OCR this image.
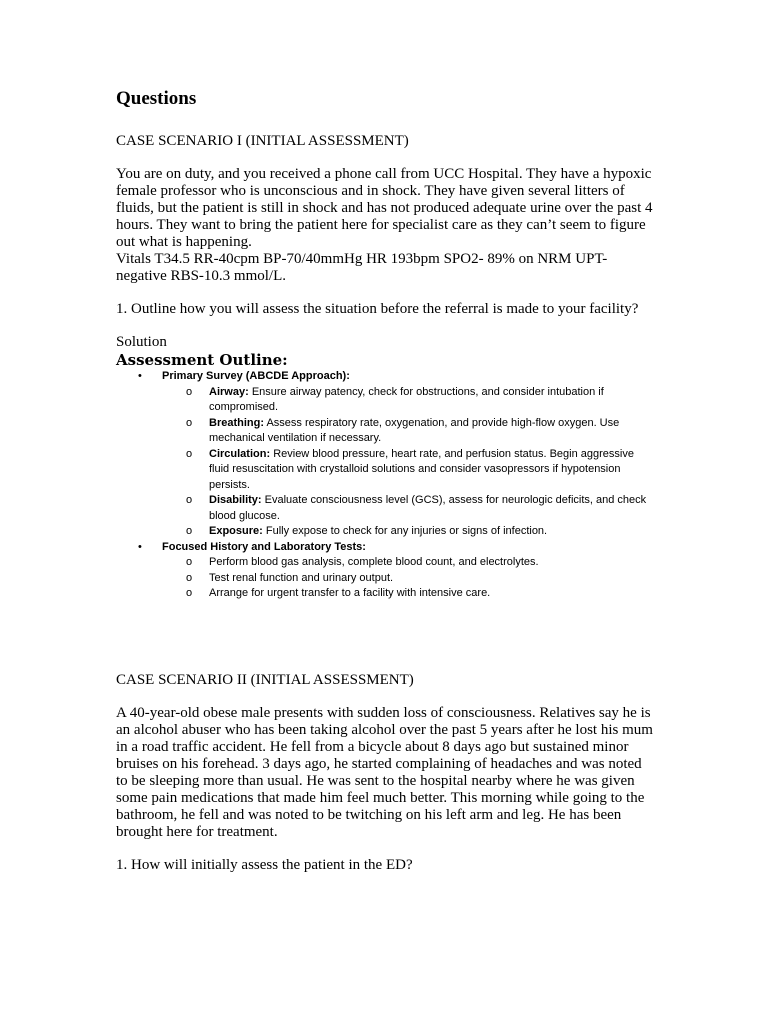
Questions

CASE SCENARIO I (INITIAL ASSESSMENT)

You are on duty, and you received a phone call from UCC Hospital. They have a hypoxic female professor who is unconscious and in shock. They have given several litters of fluids, but the patient is still in shock and has not produced adequate urine over the past 4 hours. They want to bring the patient here for specialist care as they can’t seem to figure out what is happening.

Vitals T34.5 RR-40cpm BP-70/40mmHg HR 193bpm SPO2- 89% on NRM UPT-negative RBS-10.3 mmol/L.

1. Outline how you will assess the situation before the referral is made to your facility?

Solution

Assessment Outline:
• Primary Survey (ABCDE Approach):
o Airway: Ensure airway patency, check for obstructions, and consider intubation if compromised.
o Breathing: Assess respiratory rate, oxygenation, and provide high-flow oxygen. Use mechanical ventilation if necessary.
o Circulation: Review blood pressure, heart rate, and perfusion status. Begin aggressive fluid resuscitation with crystalloid solutions and consider vasopressors if hypotension persists.
o Disability: Evaluate consciousness level (GCS), assess for neurologic deficits, and check blood glucose.
o Exposure: Fully expose to check for any injuries or signs of infection.
• Focused History and Laboratory Tests:
o Perform blood gas analysis, complete blood count, and electrolytes.
o Test renal function and urinary output.
o Arrange for urgent transfer to a facility with intensive care.

CASE SCENARIO II (INITIAL ASSESSMENT)

A 40-year-old obese male presents with sudden loss of consciousness. Relatives say he is an alcohol abuser who has been taking alcohol over the past 5 years after he lost his mum in a road traffic accident. He fell from a bicycle about 8 days ago but sustained minor bruises on his forehead. 3 days ago, he started complaining of headaches and was noted to be sleeping more than usual. He was sent to the hospital nearby where he was given some pain medications that made him feel much better. This morning while going to the bathroom, he fell and was noted to be twitching on his left arm and leg. He has been brought here for treatment.

1. How will initially assess the patient in the ED?
